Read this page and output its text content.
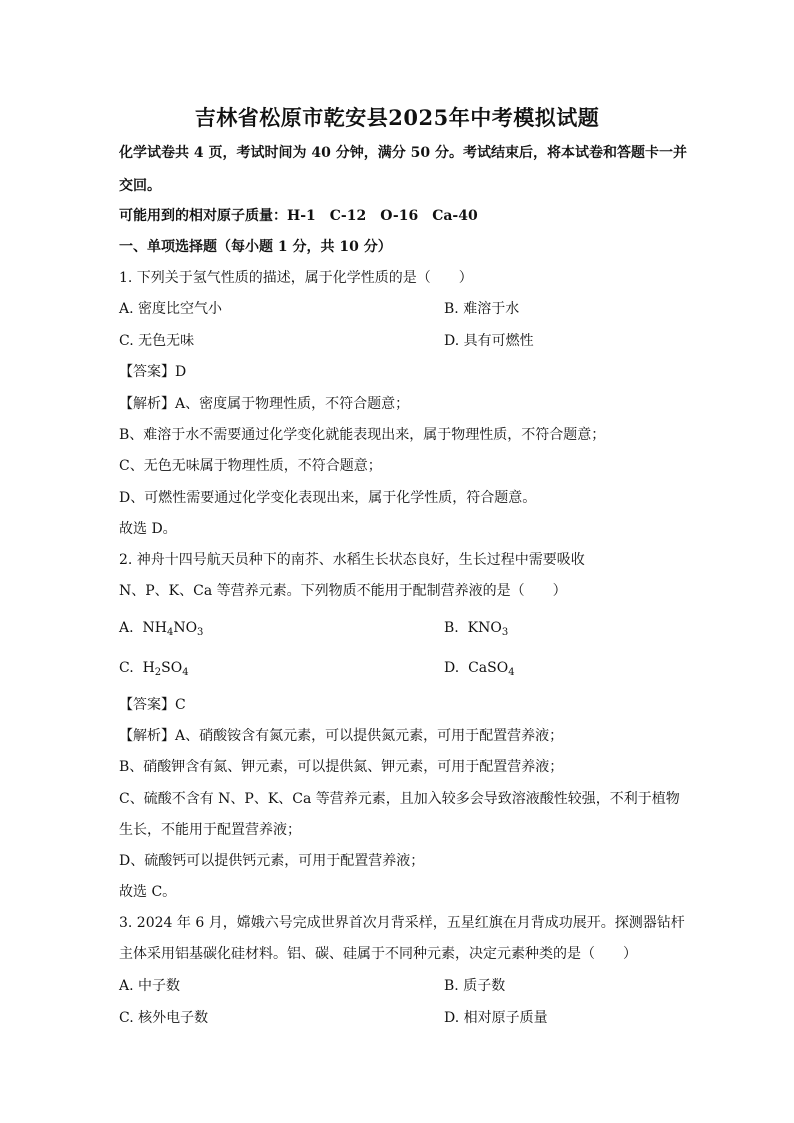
吉林省松原市乾安县2025年中考模拟试题
化学试卷共 4 页，考试时间为 40 分钟，满分 50 分。考试结束后，将本试卷和答题卡一并
交回。
可能用到的相对原子质量：H-1　C-12　O-16　Ca-40
一、单项选择题（每小题 1 分，共 10 分）
1. 下列关于氢气性质的描述，属于化学性质的是（　　）
A. 密度比空气小	B. 难溶于水
C. 无色无味	D. 具有可燃性
【答案】D
【解析】A、密度属于物理性质，不符合题意；
B、难溶于水不需要通过化学变化就能表现出来，属于物理性质，不符合题意；
C、无色无味属于物理性质，不符合题意；
D、可燃性需要通过化学变化表现出来，属于化学性质，符合题意。
故选 D。
2. 神舟十四号航天员种下的南芥、水稻生长状态良好，生长过程中需要吸收
N、P、K、Ca 等营养元素。下列物质不能用于配制营养液的是（　　）
A. $NH_4NO_3$	B. $KNO_3$
C. $H_2SO_4$	D. CaSO$_4$
【答案】C
【解析】A、硝酸铵含有氮元素，可以提供氮元素，可用于配置营养液；
B、硝酸钾含有氮、钾元素，可以提供氮、钾元素，可用于配置营养液；
C、硫酸不含有 N、P、K、Ca 等营养元素，且加入较多会导致溶液酸性较强，不利于植物
生长，不能用于配置营养液；
D、硫酸钙可以提供钙元素，可用于配置营养液；
故选 C。
3. 2024 年 6 月，嫦娥六号完成世界首次月背采样，五星红旗在月背成功展开。探测器钻杆
主体采用铝基碳化硅材料。铝、碳、硅属于不同种元素，决定元素种类的是（　　）
A. 中子数	B. 质子数
C. 核外电子数	D. 相对原子质量
